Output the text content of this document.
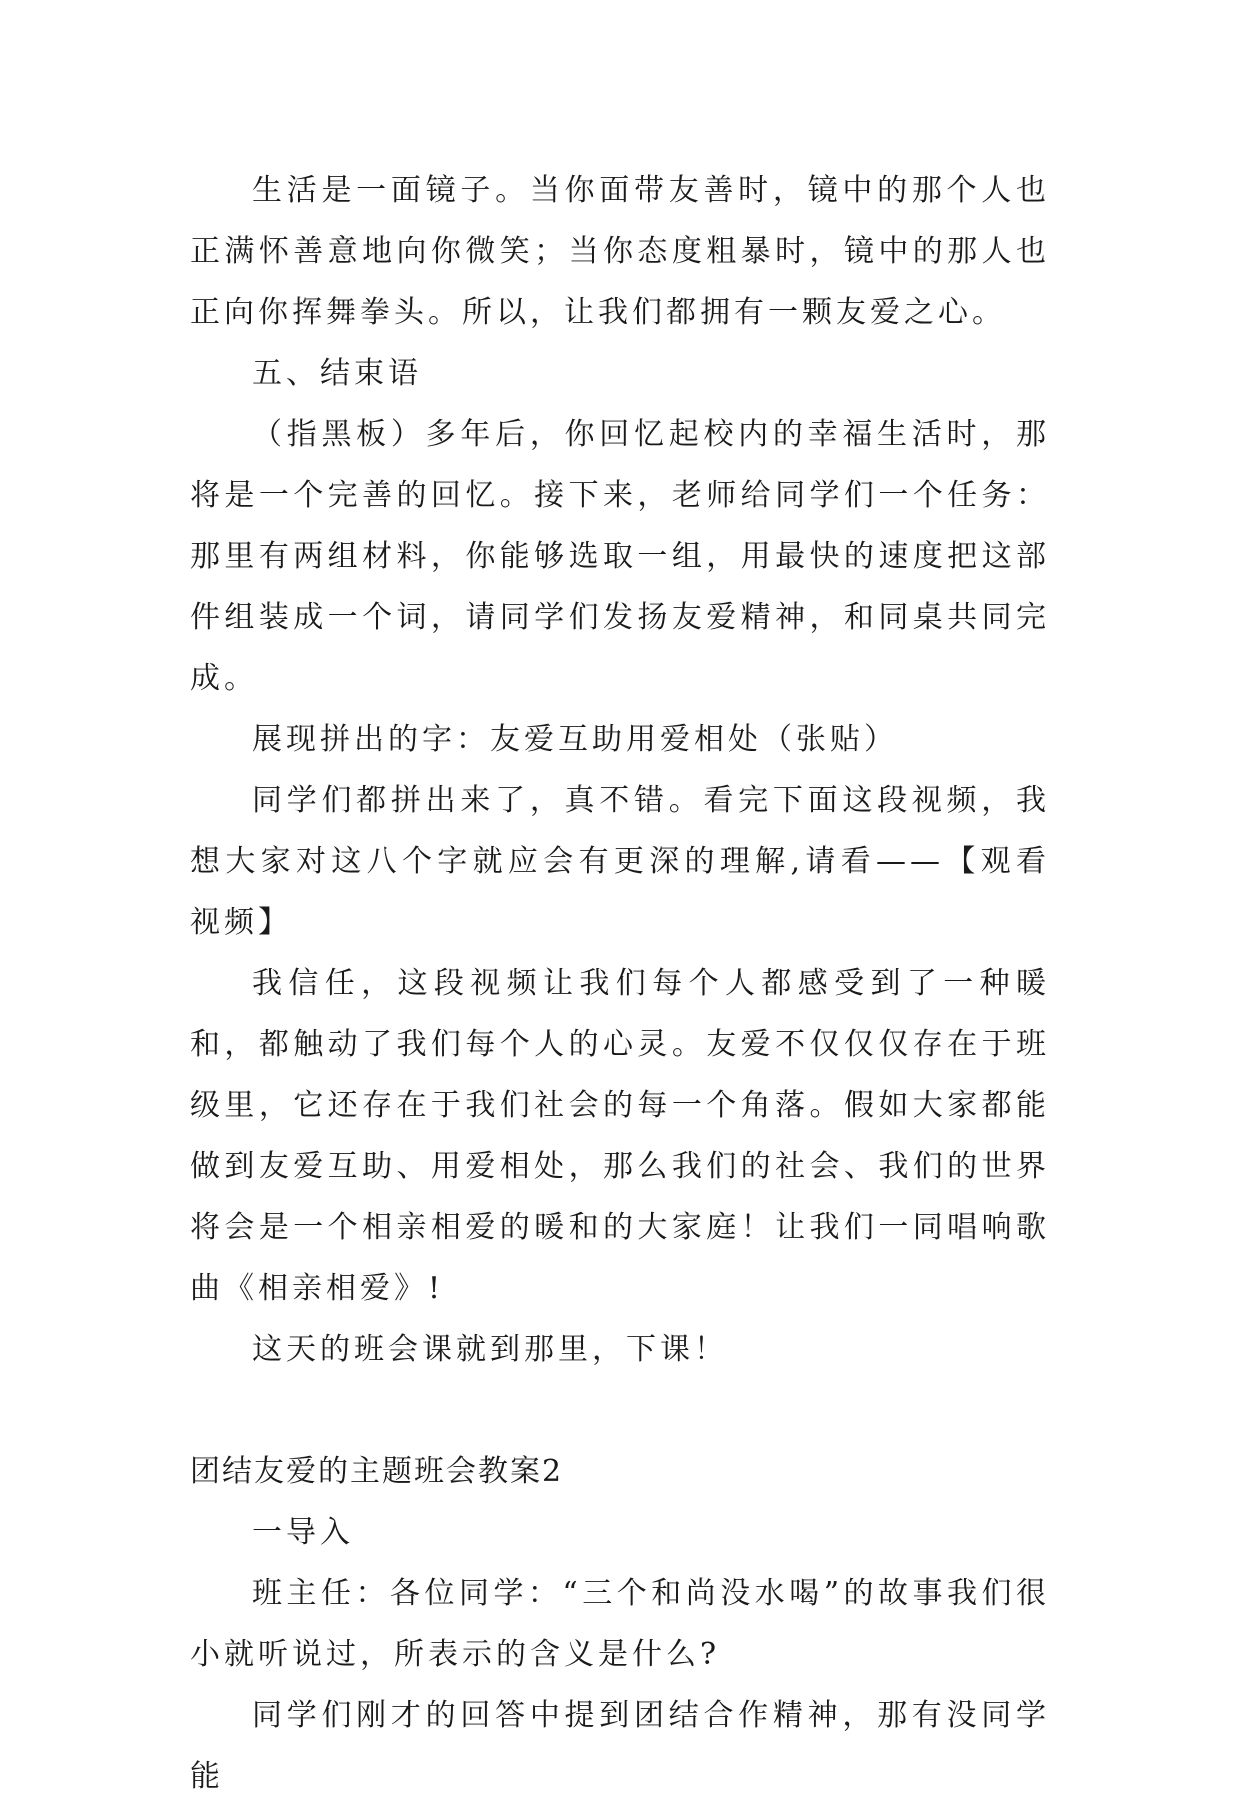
生活是一面镜子。当你面带友善时，镜中的那个人也正满怀善意地向你微笑；当你态度粗暴时，镜中的那人也正向你挥舞拳头。所以，让我们都拥有一颗友爱之心。

五、结束语

（指黑板）多年后，你回忆起校内的幸福生活时，那将是一个完善的回忆。接下来，老师给同学们一个任务：那里有两组材料，你能够选取一组，用最快的速度把这部件组装成一个词，请同学们发扬友爱精神，和同桌共同完成。

展现拼出的字：友爱互助用爱相处（张贴）

同学们都拼出来了，真不错。看完下面这段视频，我想大家对这八个字就应会有更深的理解,请看——【观看视频】

我信任，这段视频让我们每个人都感受到了一种暖和，都触动了我们每个人的心灵。友爱不仅仅仅存在于班级里，它还存在于我们社会的每一个角落。假如大家都能做到友爱互助、用爱相处，那么我们的社会、我们的世界将会是一个相亲相爱的暖和的大家庭！让我们一同唱响歌曲《相亲相爱》!

这天的班会课就到那里，下课！

团结友爱的主题班会教案2

一导入

班主任：各位同学：“三个和尚没水喝”的故事我们很小就听说过，所表示的含义是什么?

同学们刚才的回答中提到团结合作精神，那有没同学能
